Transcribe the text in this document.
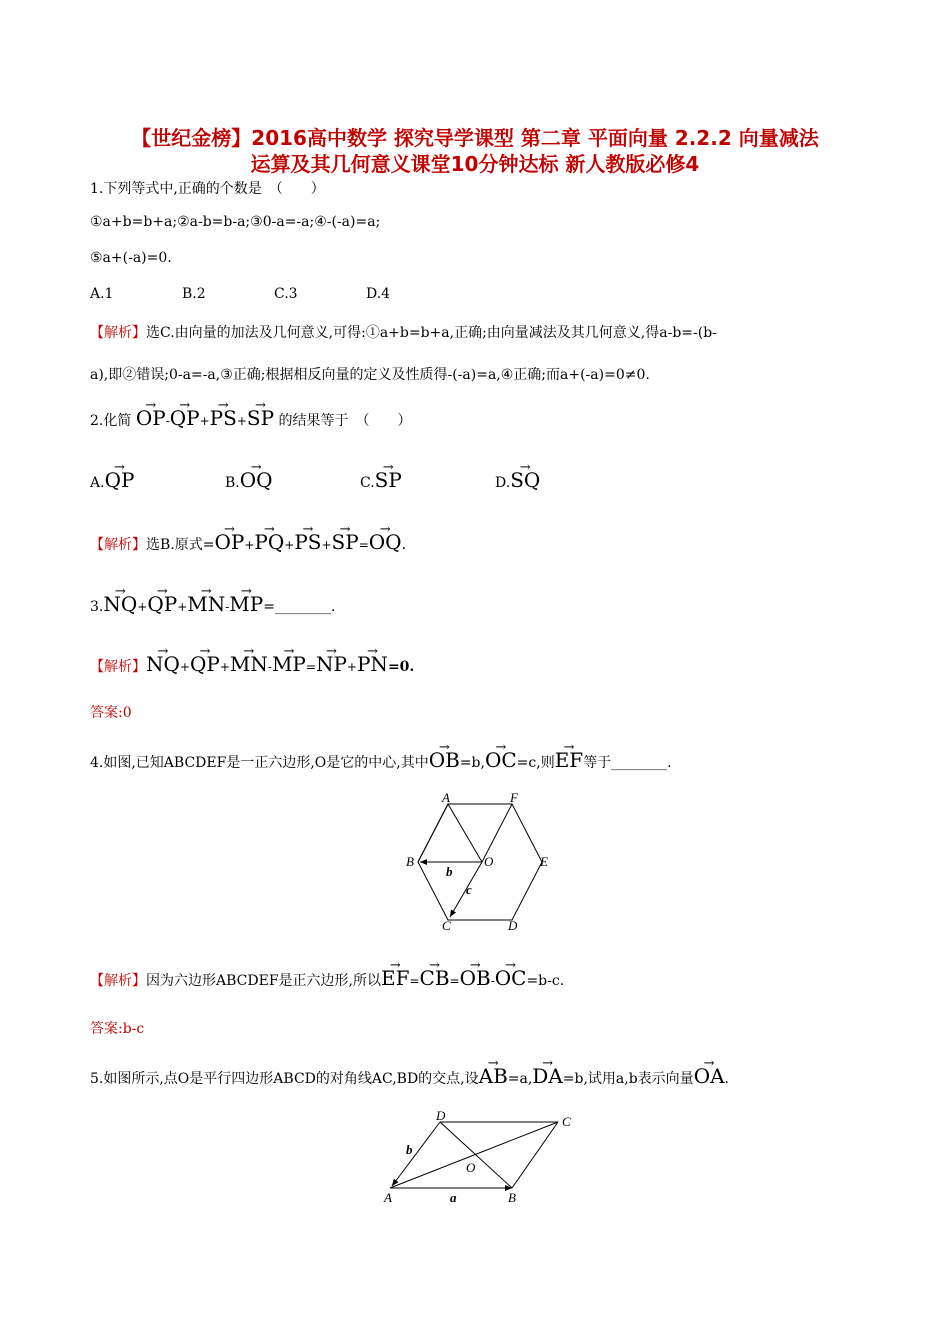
【世纪金榜】2016高中数学 探究导学课型 第二章 平面向量 2.2.2 向量减法
运算及其几何意义课堂10分钟达标 新人教版必修4
1.下列等式中,正确的个数是　（　　）
①a+b=b+a;②a-b=b-a;③0-a=-a;④-(-a)=a;
⑤a+(-a)=0.
A.1	B.2	C.3	D.4
【解析】选C.由向量的加法及几何意义,可得:①a+b=b+a,正确;由向量减法及其几何意义,得a-b=-(b-
a),即②错误;0-a=-a,③正确;根据相反向量的定义及性质得-(-a)=a,④正确;而a+(-a)=0≠0.
2.化简 → OP-→ QP+→ PS+→ SP 的结果等于　（　　）
A.→ QP	B.→ OQ	C.→ SP	D.→ SQ
【解析】选B.原式=→ OP+→ PQ+→ PS+→ SP=→ OQ.
3.→ NQ+→ QP+→ MN-→ MP=________.
【解析】→ NQ+→ QP+→ MN-→ MP=→ NP+→ PN=0.
答案:0
4.如图,已知ABCDEF是一正六边形,O是它的中心,其中→ OB=b,→ OC=c,则→ EF等于________.
A	F
B	E
O
C	D
b
c
【解析】因为六边形ABCDEF是正六边形,所以→ EF=→ CB=→ OB-→ OC=b-c.
答案:b-c
5.如图所示,点O是平行四边形ABCD的对角线AC,BD的交点,设→ AB=a,→ DA=b,试用a,b表示向量→ OA.
D	C
A	B
O
b
a
